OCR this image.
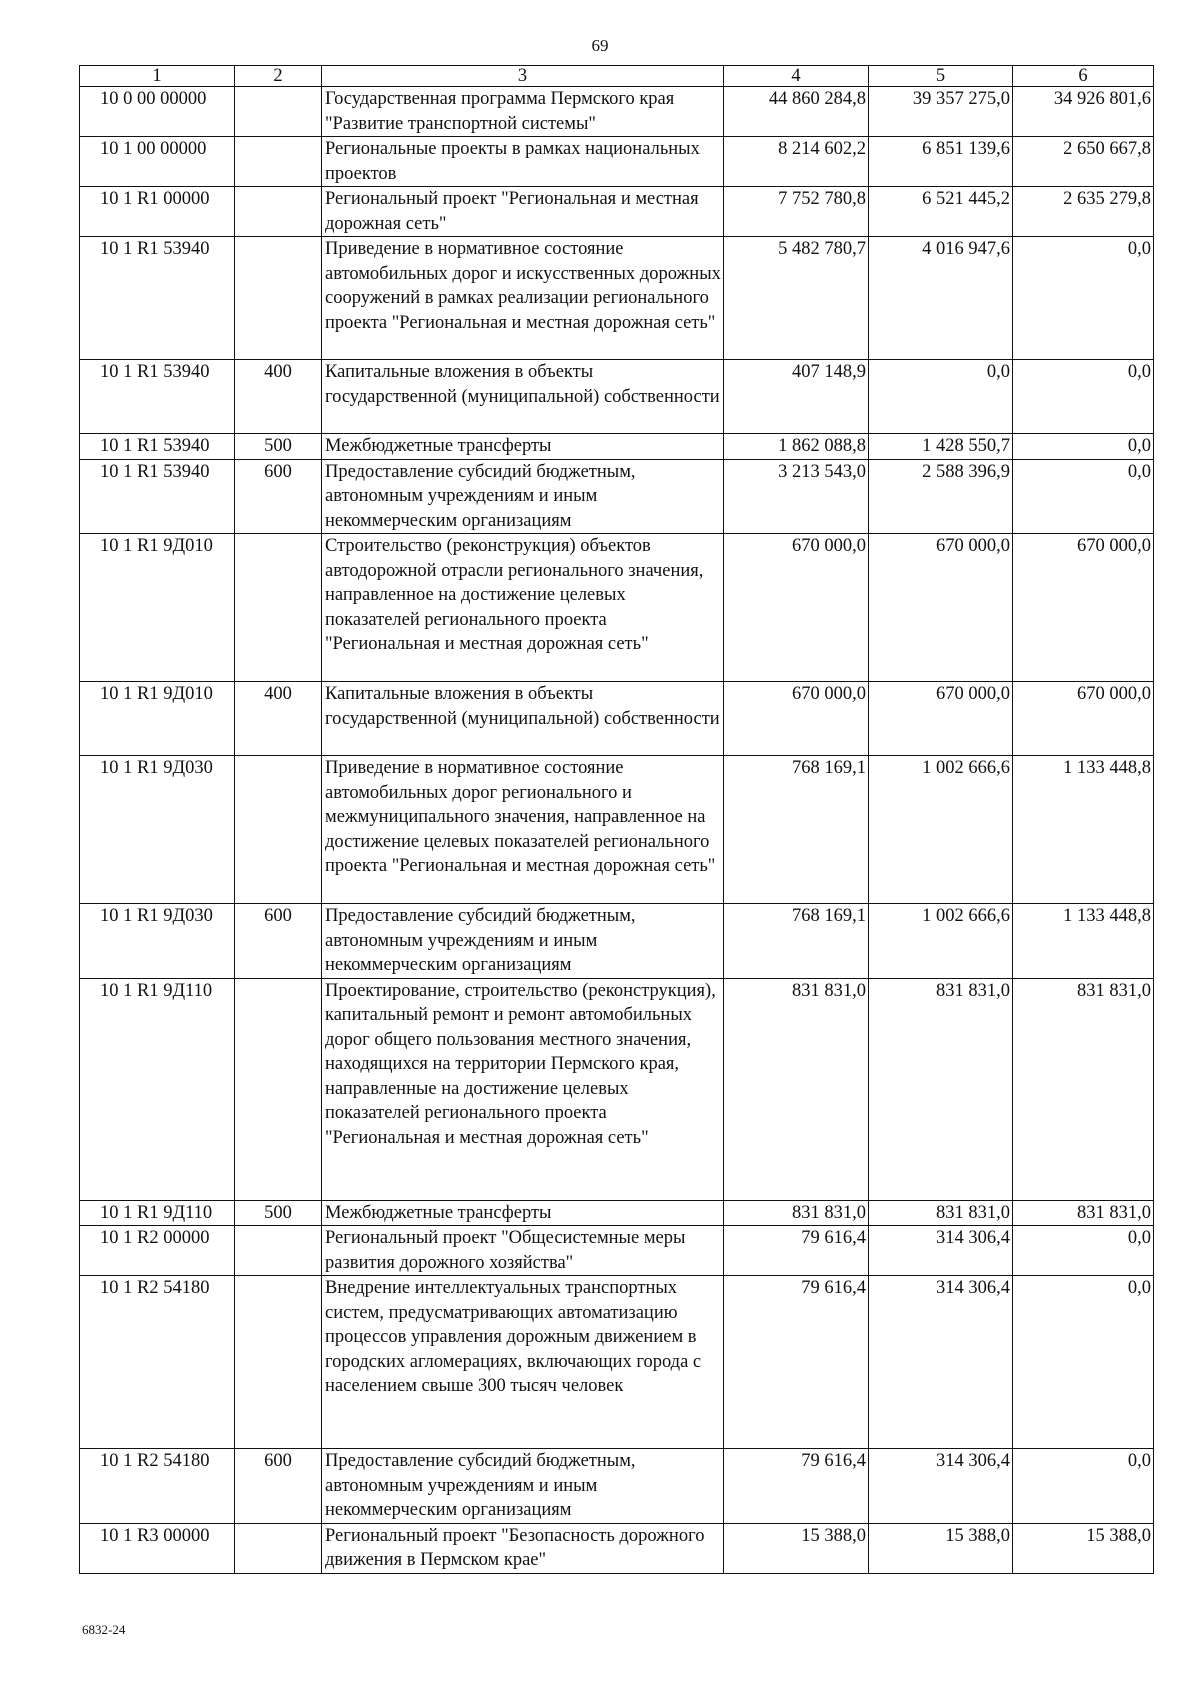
69
1	2	3	4	5	6
10 0 00 00000		Государственная программа Пермского края "Развитие транспортной системы"	44 860 284,8	39 357 275,0	34 926 801,6
10 1 00 00000		Региональные проекты в рамках национальных проектов	8 214 602,2	6 851 139,6	2 650 667,8
10 1 R1 00000		Региональный проект "Региональная и местная дорожная сеть"	7 752 780,8	6 521 445,2	2 635 279,8
10 1 R1 53940		Приведение в нормативное состояние автомобильных дорог и искусственных дорожных сооружений в рамках реализации регионального проекта "Региональная и местная дорожная сеть"	5 482 780,7	4 016 947,6	0,0
10 1 R1 53940	400	Капитальные вложения в объекты государственной (муниципальной) собственности	407 148,9	0,0	0,0
10 1 R1 53940	500	Межбюджетные трансферты	1 862 088,8	1 428 550,7	0,0
10 1 R1 53940	600	Предоставление субсидий бюджетным, автономным учреждениям и иным некоммерческим организациям	3 213 543,0	2 588 396,9	0,0
10 1 R1 9Д010		Строительство (реконструкция) объектов автодорожной отрасли регионального значения, направленное на достижение целевых показателей регионального проекта "Региональная и местная дорожная сеть"	670 000,0	670 000,0	670 000,0
10 1 R1 9Д010	400	Капитальные вложения в объекты государственной (муниципальной) собственности	670 000,0	670 000,0	670 000,0
10 1 R1 9Д030		Приведение в нормативное состояние автомобильных дорог регионального и межмуниципального значения, направленное на достижение целевых показателей регионального проекта "Региональная и местная дорожная сеть"	768 169,1	1 002 666,6	1 133 448,8
10 1 R1 9Д030	600	Предоставление субсидий бюджетным, автономным учреждениям и иным некоммерческим организациям	768 169,1	1 002 666,6	1 133 448,8
10 1 R1 9Д110		Проектирование, строительство (реконструкция), капитальный ремонт и ремонт автомобильных дорог общего пользования местного значения, находящихся на территории Пермского края, направленные на достижение целевых показателей регионального проекта "Региональная и местная дорожная сеть"	831 831,0	831 831,0	831 831,0
10 1 R1 9Д110	500	Межбюджетные трансферты	831 831,0	831 831,0	831 831,0
10 1 R2 00000		Региональный проект "Общесистемные меры развития дорожного хозяйства"	79 616,4	314 306,4	0,0
10 1 R2 54180		Внедрение интеллектуальных транспортных систем, предусматривающих автоматизацию процессов управления дорожным движением в городских агломерациях, включающих города с населением свыше 300 тысяч человек	79 616,4	314 306,4	0,0
10 1 R2 54180	600	Предоставление субсидий бюджетным, автономным учреждениям и иным некоммерческим организациям	79 616,4	314 306,4	0,0
10 1 R3 00000		Региональный проект "Безопасность дорожного движения в Пермском крае"	15 388,0	15 388,0	15 388,0
6832-24
